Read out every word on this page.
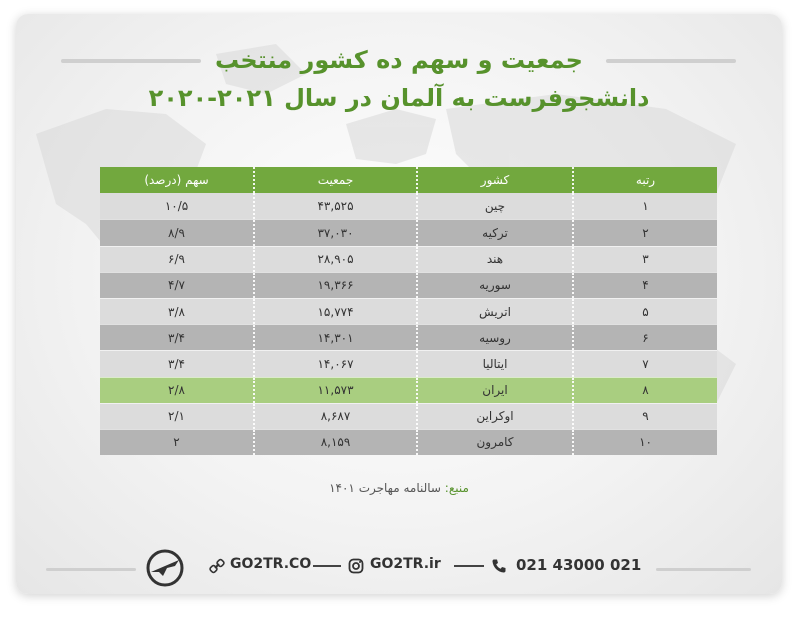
جمعیت و سهم ده کشور منتخب
دانشجوفرست به آلمان در سال ۲۰۲۱-۲۰۲۰
رتبه
کشور
جمعیت
سهم (درصد)
۱
چین
۴۳,۵۲۵
۱۰/۵
۲
ترکیه
۳۷,۰۳۰
۸/۹
۳
هند
۲۸,۹۰۵
۶/۹
۴
سوریه
۱۹,۳۶۶
۴/۷
۵
اتریش
۱۵,۷۷۴
۳/۸
۶
روسیه
۱۴,۳۰۱
۳/۴
۷
ایتالیا
۱۴,۰۶۷
۳/۴
۸
ایران
۱۱,۵۷۳
۲/۸
۹
اوکراین
۸,۶۸۷
۲/۱
۱۰
کامرون
۸,۱۵۹
۲
منبع: سالنامه مهاجرت ۱۴۰۱
GO2TR.CO	GO2TR.ir	021 43000 021
